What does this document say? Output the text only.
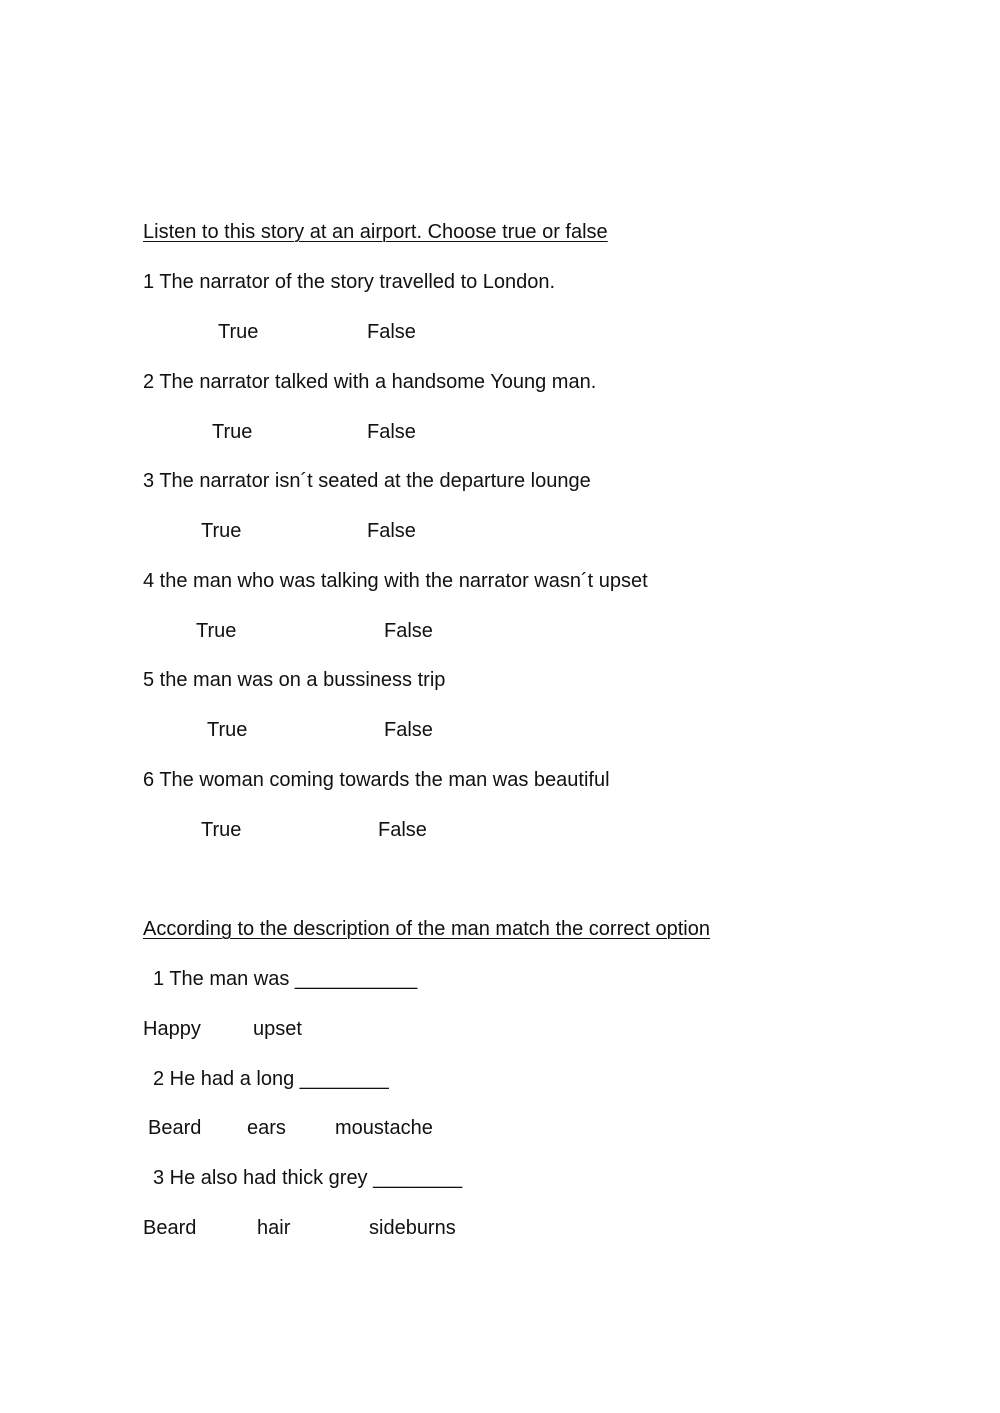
Listen to this story at an airport. Choose true or false
1 The narrator of the story travelled to London.
True	False
2 The narrator talked with a handsome Young man.
True	False
3 The narrator isn´t seated at the departure lounge
True	False
4 the man who was talking with the narrator wasn´t upset
True	False
5 the man was on a bussiness trip
True	False
6 The woman coming towards the man was beautiful
True	False
According to the description of the man match the correct option
1 The man was ___________
Happy	upset
2 He had a long ________
Beard ears moustache
3 He also had thick grey ________
Beard	hair	sideburns
